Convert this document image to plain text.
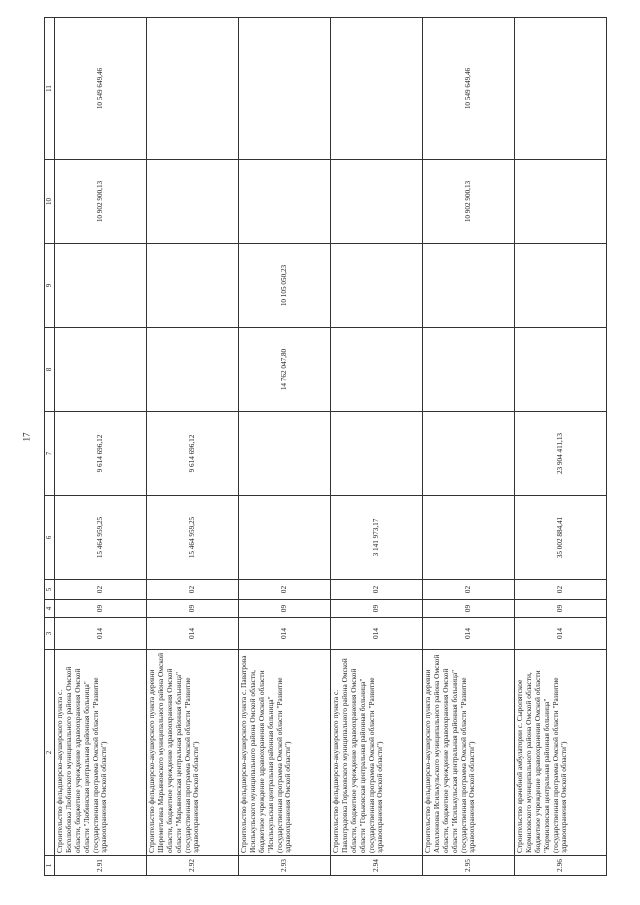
17
1	2	3	4	5	6	7	8	9	10	11
2.91	Строительство фельдшерско-акушерского пункта с. Боголюбовка Любинского муниципального района Омской области, бюджетное учреждение здравоохранения Омской области "Любинская центральная районная больница" (государственная программа Омской области "Развитие здравоохранения Омской области")	014	09	02	15 464 959,25	9 614 696,12			10 902 900,13	10 549 649,46
2.92	Строительство фельдшерско-акушерского пункта деревни Шереметьевка Марьяновского муниципального района Омской области, бюджетное учреждение здравоохранения Омской области "Марьяновская центральная районная больница" (государственная программа Омской области "Развитие здравоохранения Омской области")	014	09	02	15 464 959,25	9 614 696,12				
2.93	Строительство фельдшерско-акушерского пункта с. Паватрова Исилькульского муниципального района Омской области, бюджетное учреждение здравоохранения Омской области "Исилькульская центральная районная больница" (государственная программа Омской области "Развитие здравоохранения Омской области")	014	09	02			14 762 047,80	10 105 050,23		
2.94	Строительство фельдшерско-акушерского пункта с. Павлоградовка Горьковского муниципального района Омской области, бюджетное учреждение здравоохранения Омской области "Горьковская центральная районная больница" (государственная программа Омской области "Развитие здравоохранения Омской области")	014	09	02	3 141 973,17					
2.95	Строительство фельдшерско-акушерского пункта деревни Аполлоновка Исилькульского муниципального района Омской области, бюджетное учреждение здравоохранения Омской области "Исилькульская центральная районная больница" (государственная программа Омской области "Развитие здравоохранения Омской области")	014	09	02					10 902 900,13	10 549 649,46
2.96	Строительство врачебной амбулатории с. Сыропятское Кормиловского муниципального района Омской области, бюджетное учреждение здравоохранения Омской области "Кормиловская центральная районная больница" (государственная программа Омской области "Развитие здравоохранения Омской области")	014	09	02	35 002 884,41	23 904 411,13				
